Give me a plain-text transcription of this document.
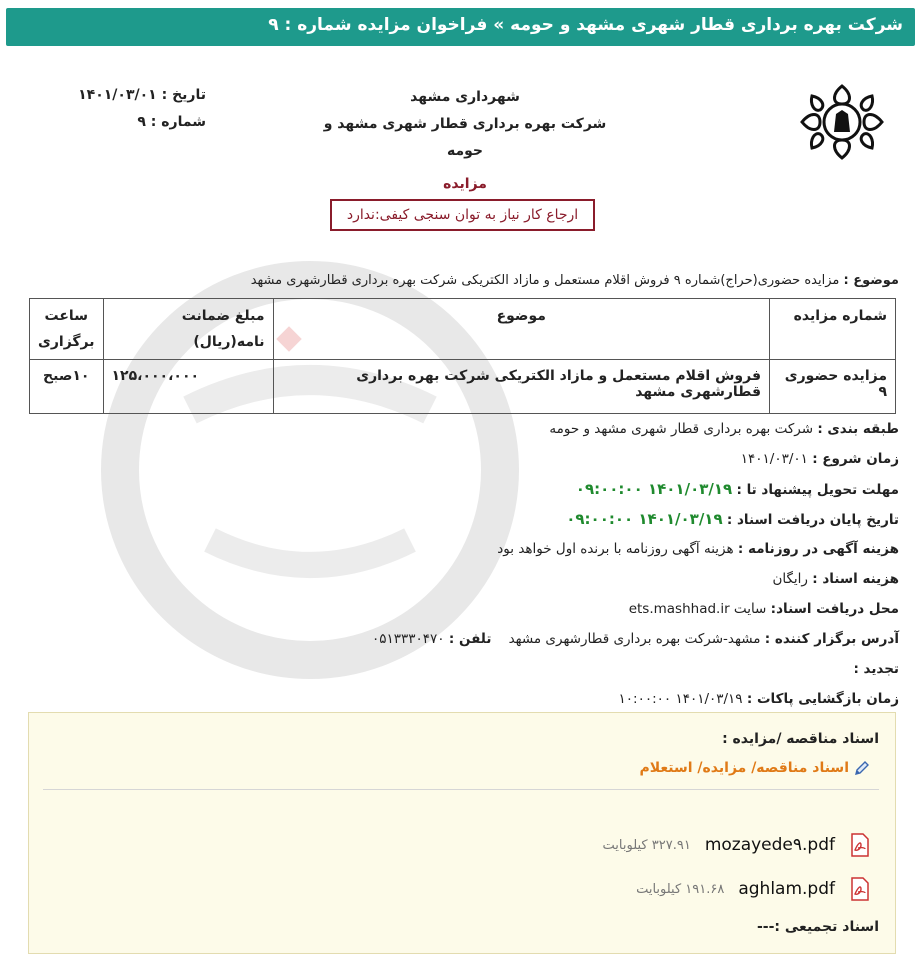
شرکت بهره برداری قطار شهری مشهد و حومه » فراخوان مزایده شماره : ۹
شهرداری مشهد
شرکت بهره برداری قطار شهری مشهد و حومه
تاریخ : ۱۴۰۱/۰۳/۰۱
شماره : ۹
مزایده
ارجاع کار نیاز به توان سنجی کیفی:ندارد
موضوع : مزایده حضوری(حراج)شماره ۹ فروش اقلام مستعمل و مازاد الکتریکی شرکت بهره برداری قطارشهری مشهد
شماره مزایده	موضوع	مبلغ ضمانت نامه(ریال)	ساعت برگزاری
مزایده حضوری ۹	فروش اقلام مستعمل و مازاد الکتریکی شرکت بهره برداری قطارشهری مشهد	۱۲۵،۰۰۰،۰۰۰	۱۰صبح
طبقه بندی : شرکت بهره برداری قطار شهری مشهد و حومه
زمان شروع : ۱۴۰۱/۰۳/۰۱
مهلت تحویل پیشنهاد تا : ۱۴۰۱/۰۳/۱۹ ۰۹:۰۰:۰۰
تاریخ پایان دریافت اسناد : ۱۴۰۱/۰۳/۱۹ ۰۹:۰۰:۰۰
هزینه آگهی در روزنامه : هزینه آگهی روزنامه با برنده اول خواهد بود
هزینه اسناد : رایگان
محل دریافت اسناد: سایت ets.mashhad.ir
آدرس برگزار کننده : مشهد-شرکت بهره برداری قطارشهری مشهد    تلفن : ۰۵۱۳۳۳۰۴۷۰
تجدید :
زمان بازگشایی پاکات : ۱۴۰۱/۰۳/۱۹ ۱۰:۰۰:۰۰
اسناد مناقصه /مزایده :
اسناد مناقصه/ مزایده/ استعلام
mozayede۹.pdf
۳۲۷.۹۱ کیلوبایت
aghlam.pdf
۱۹۱.۶۸ کیلوبایت
اسناد تجمیعی :---
